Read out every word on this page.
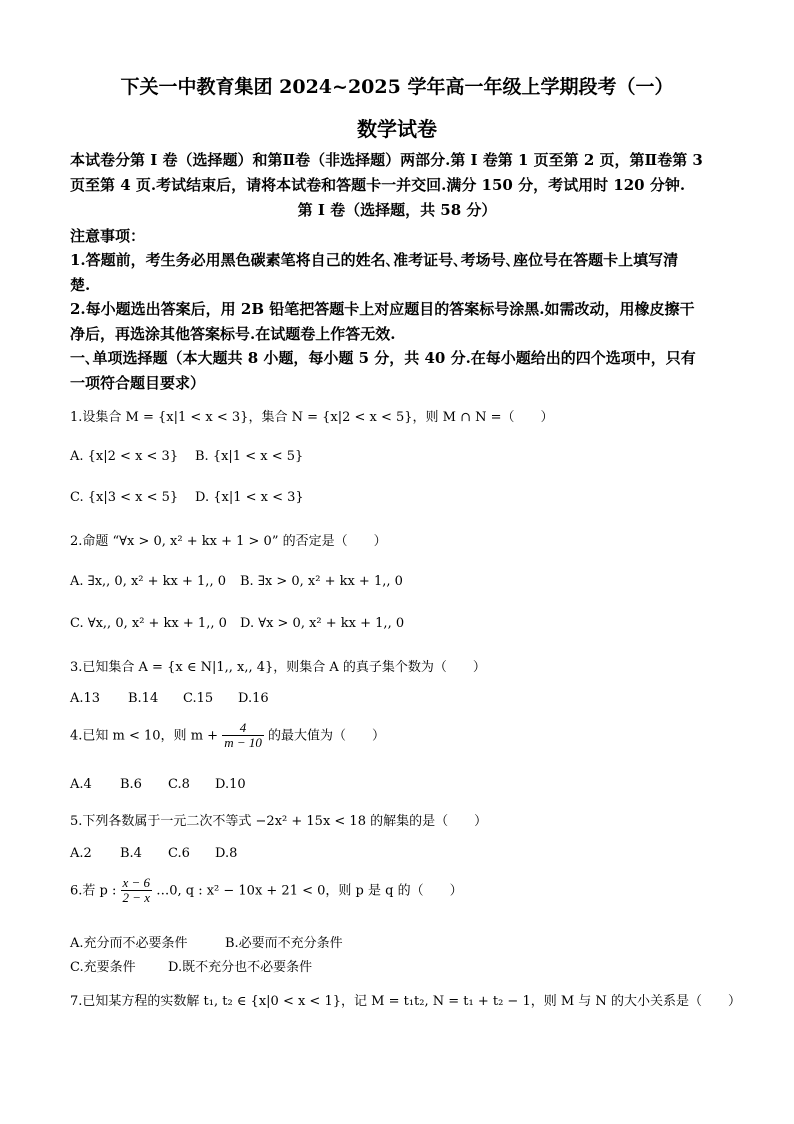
下关一中教育集团 2024~2025 学年高一年级上学期段考（一）
数学试卷
本试卷分第 I 卷（选择题）和第Ⅱ卷（非选择题）两部分.第 I 卷第 1 页至第 2 页，第Ⅱ卷第 3
页至第 4 页.考试结束后，请将本试卷和答题卡一并交回.满分 150 分，考试用时 120 分钟.
第 I 卷（选择题，共 58 分）
注意事项：
1.答题前，考生务必用黑色碳素笔将自己的姓名､准考证号､考场号､座位号在答题卡上填写清
楚.
2.每小题选出答案后，用 2B 铅笔把答题卡上对应题目的答案标号涂黑.如需改动，用橡皮擦干
净后，再选涂其他答案标号.在试题卷上作答无效.
一､单项选择题（本大题共 8 小题，每小题 5 分，共 40 分.在每小题给出的四个选项中，只有
一项符合题目要求）
1.设集合 M = {x|1 < x < 3}，集合 N = {x|2 < x < 5}，则 M ∩ N =（　　）
A. {x|2 < x < 3} B. {x|1 < x < 5}
C. {x|3 < x < 5} D. {x|1 < x < 3}
2.命题 “∀x > 0, x² + kx + 1 > 0” 的否定是（　　）
A. ∃x,, 0, x² + kx + 1,, 0 B. ∃x > 0, x² + kx + 1,, 0
C. ∀x,, 0, x² + kx + 1,, 0 D. ∀x > 0, x² + kx + 1,, 0
3.已知集合 A = {x ∈ N|1,, x,, 4}，则集合 A 的真子集个数为（　　）
A.13 B.14 C.15 D.16
4.已知 m < 10，则 $m + \frac{4}{m - 10}$ 的最大值为（　　）
A.4 B.6 C.8 D.10
5.下列各数属于一元二次不等式 −2x² + 15x < 18 的解集的是（　　）
A.2 B.4 C.6 D.8
6.若 p : $\frac{x - 6}{2 - x}$ …0, q : x² − 10x + 21 < 0，则 p 是 q 的（　　）
A.充分而不必要条件	B.必要而不充分条件
C.充要条件 D.既不充分也不必要条件
7.已知某方程的实数解 t₁, t₂ ∈ {x|0 < x < 1}，记 M = t₁t₂, N = t₁ + t₂ − 1，则 M 与 N 的大小关系是（　　）
